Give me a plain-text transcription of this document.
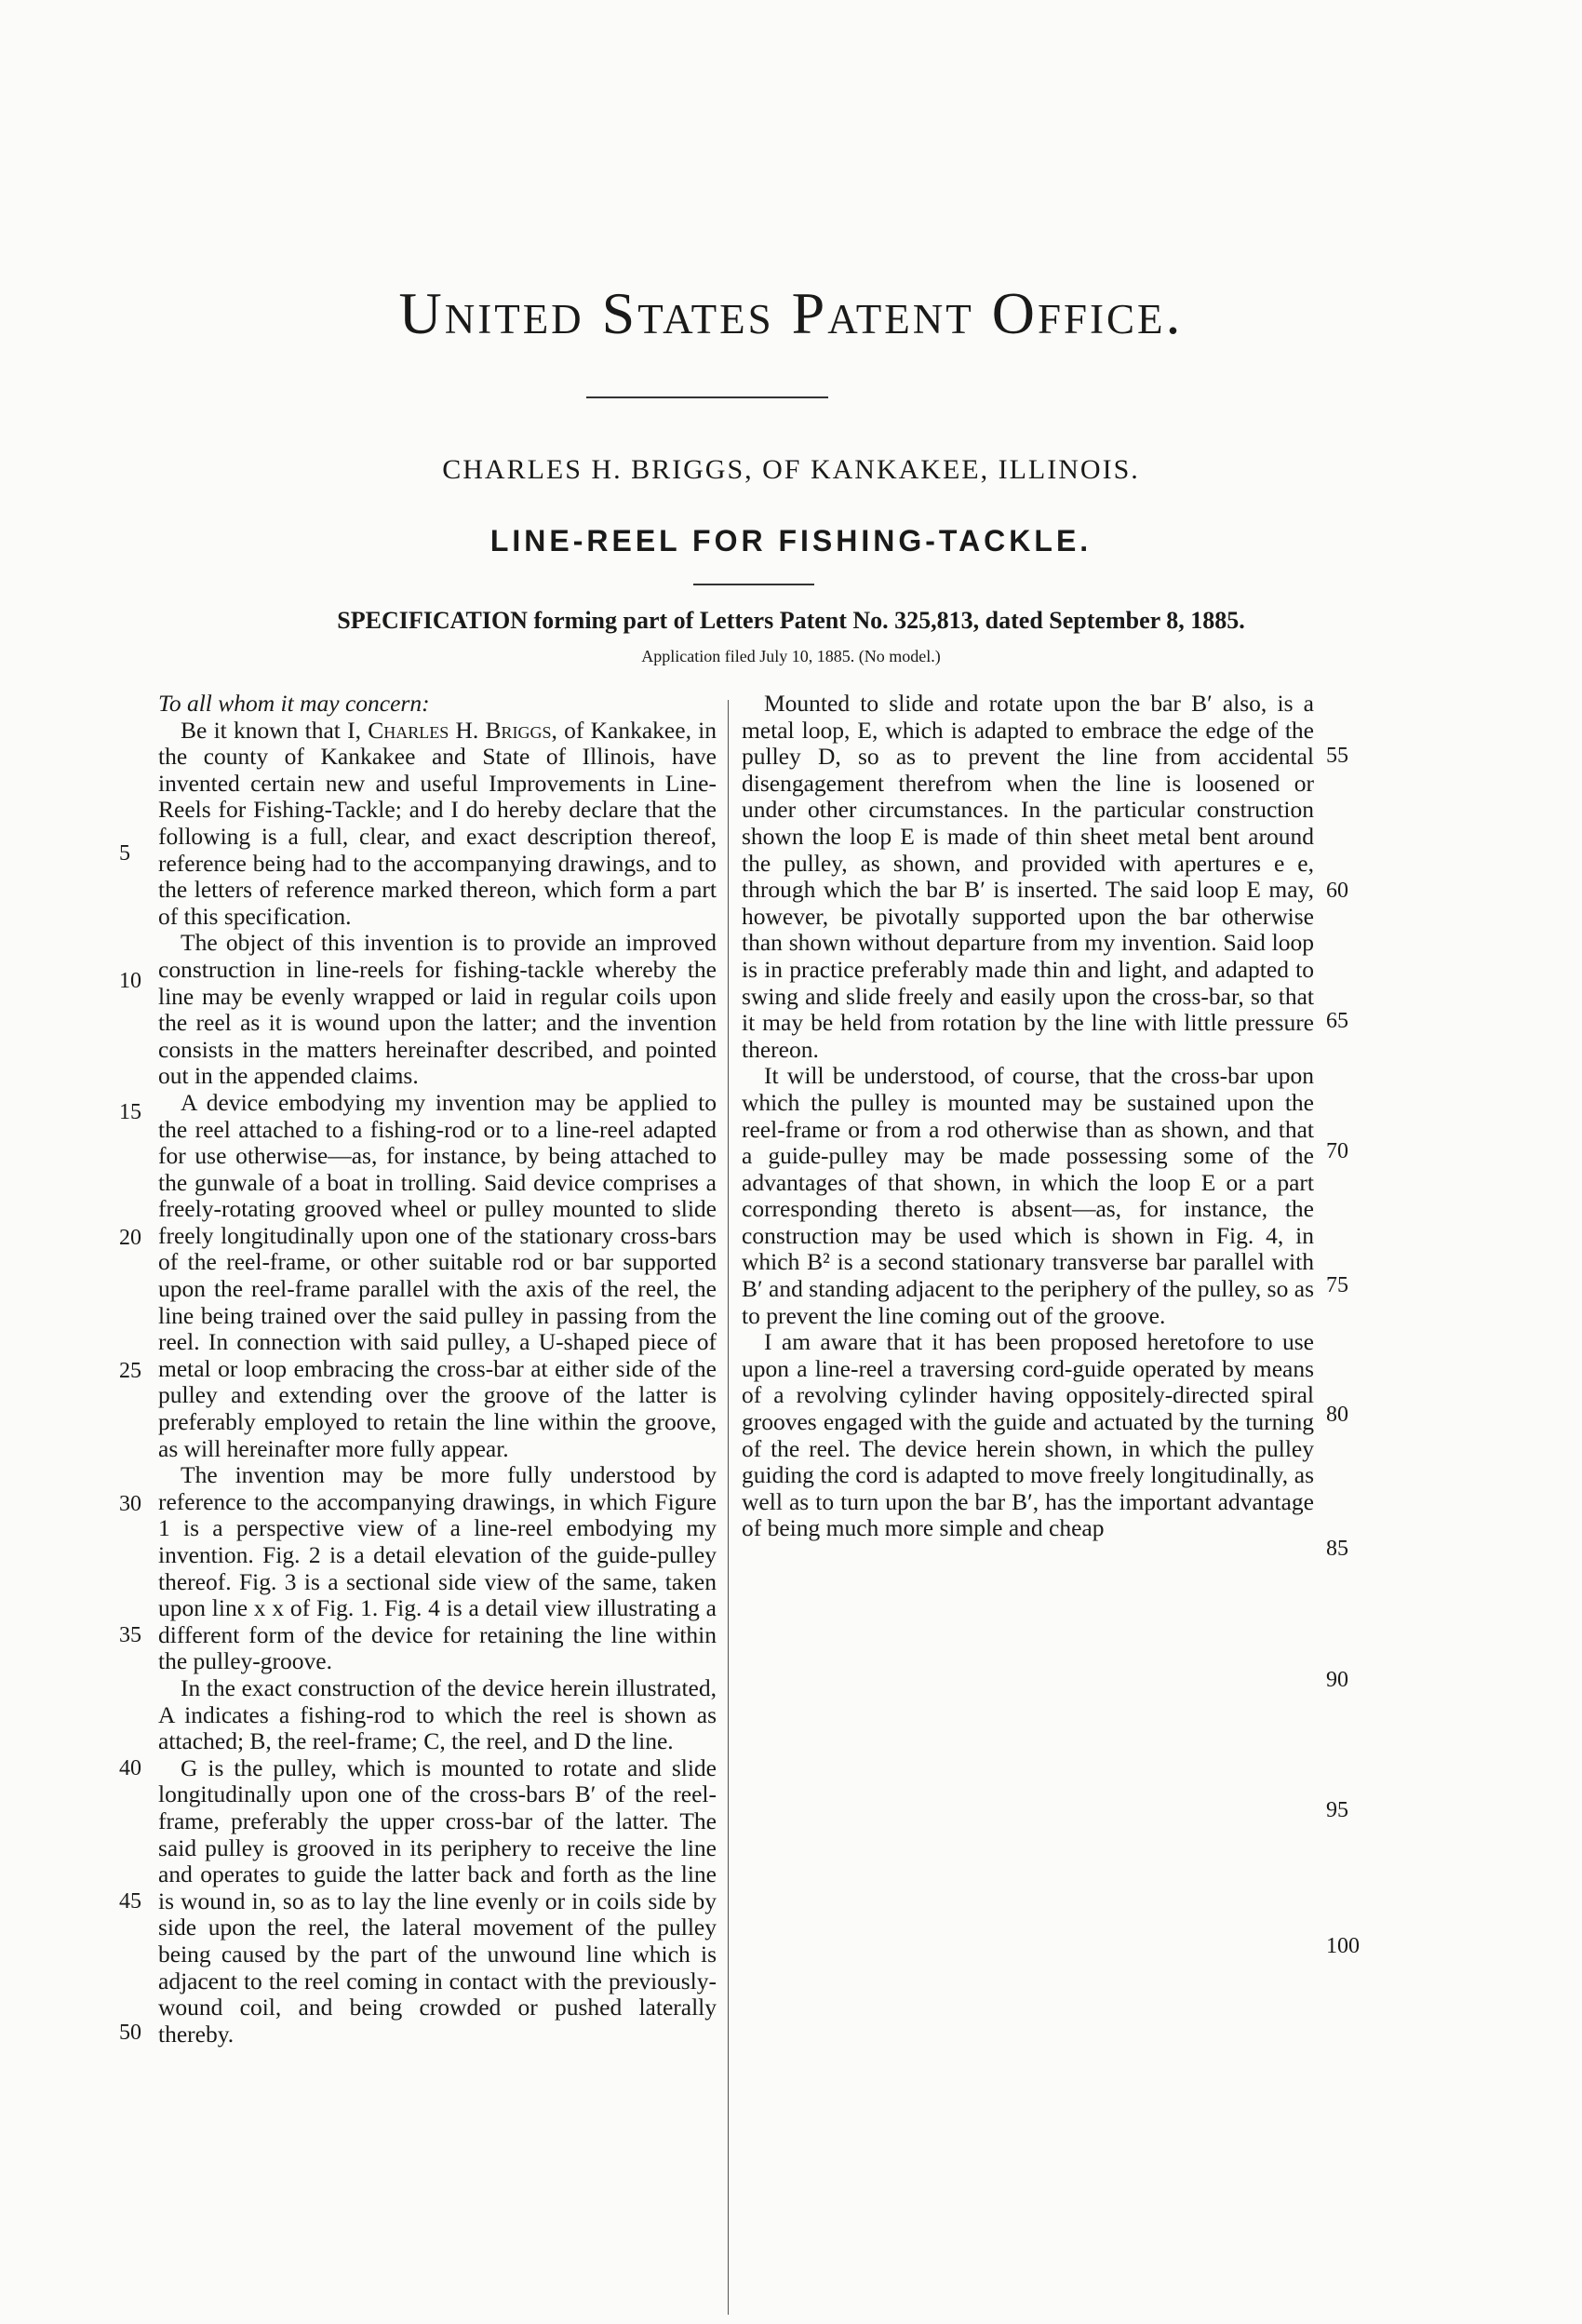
United States Patent Office.
CHARLES H. BRIGGS, OF KANKAKEE, ILLINOIS.
LINE-REEL FOR FISHING-TACKLE.
SPECIFICATION forming part of Letters Patent No. 325,813, dated September 8, 1885.
Application filed July 10, 1885. (No model.)

To all whom it may concern:

Be it known that I, Charles H. Briggs, of Kankakee, in the county of Kankakee and State of Illinois, have invented certain new and useful Improvements in Line-Reels for Fishing-Tackle; and I do hereby declare that the following is a full, clear, and exact description thereof, reference being had to the accompanying drawings, and to the letters of reference marked thereon, which form a part of this specification.

The object of this invention is to provide an improved construction in line-reels for fishing-tackle whereby the line may be evenly wrapped or laid in regular coils upon the reel as it is wound upon the latter; and the invention consists in the matters hereinafter described, and pointed out in the appended claims.

A device embodying my invention may be applied to the reel attached to a fishing-rod or to a line-reel adapted for use otherwise—as, for instance, by being attached to the gunwale of a boat in trolling. Said device comprises a freely-rotating grooved wheel or pulley mounted to slide freely longitudinally upon one of the stationary cross-bars of the reel-frame, or other suitable rod or bar supported upon the reel-frame parallel with the axis of the reel, the line being trained over the said pulley in passing from the reel. In connection with said pulley, a U-shaped piece of metal or loop embracing the cross-bar at either side of the pulley and extending over the groove of the latter is preferably employed to retain the line within the groove, as will hereinafter more fully appear.

The invention may be more fully understood by reference to the accompanying drawings, in which Figure 1 is a perspective view of a line-reel embodying my invention. Fig. 2 is a detail elevation of the guide-pulley thereof. Fig. 3 is a sectional side view of the same, taken upon line x x of Fig. 1. Fig. 4 is a detail view illustrating a different form of the device for retaining the line within the pulley-groove.

In the exact construction of the device herein illustrated, A indicates a fishing-rod to which the reel is shown as attached; B, the reel-frame; C, the reel, and D the line.

G is the pulley, which is mounted to rotate and slide longitudinally upon one of the cross-bars B′ of the reel-frame, preferably the upper cross-bar of the latter. The said pulley is grooved in its periphery to receive the line and operates to guide the latter back and forth as the line is wound in, so as to lay the line evenly or in coils side by side upon the reel, the lateral movement of the pulley being caused by the part of the unwound line which is adjacent to the reel coming in contact with the previously-wound coil, and being crowded or pushed laterally thereby.

Mounted to slide and rotate upon the bar B′ also, is a metal loop, E, which is adapted to embrace the edge of the pulley D, so as to prevent the line from accidental disengagement therefrom when the line is loosened or under other circumstances. In the particular construction shown the loop E is made of thin sheet metal bent around the pulley, as shown, and provided with apertures e e, through which the bar B′ is inserted. The said loop E may, however, be pivotally supported upon the bar otherwise than shown without departure from my invention. Said loop is in practice preferably made thin and light, and adapted to swing and slide freely and easily upon the cross-bar, so that it may be held from rotation by the line with little pressure thereon.

It will be understood, of course, that the cross-bar upon which the pulley is mounted may be sustained upon the reel-frame or from a rod otherwise than as shown, and that a guide-pulley may be made possessing some of the advantages of that shown, in which the loop E or a part corresponding thereto is absent—as, for instance, the construction may be used which is shown in Fig. 4, in which B² is a second stationary transverse bar parallel with B′ and standing adjacent to the periphery of the pulley, so as to prevent the line coming out of the groove.

I am aware that it has been proposed heretofore to use upon a line-reel a traversing cord-guide operated by means of a revolving cylinder having oppositely-directed spiral grooves engaged with the guide and actuated by the turning of the reel. The device herein shown, in which the pulley guiding the cord is adapted to move freely longitudinally, as well as to turn upon the bar B′, has the important advantage of being much more simple and cheap

5
10
15
20
25
30
35
40
45
50
55
60
65
70
75
80
85
90
95
100
